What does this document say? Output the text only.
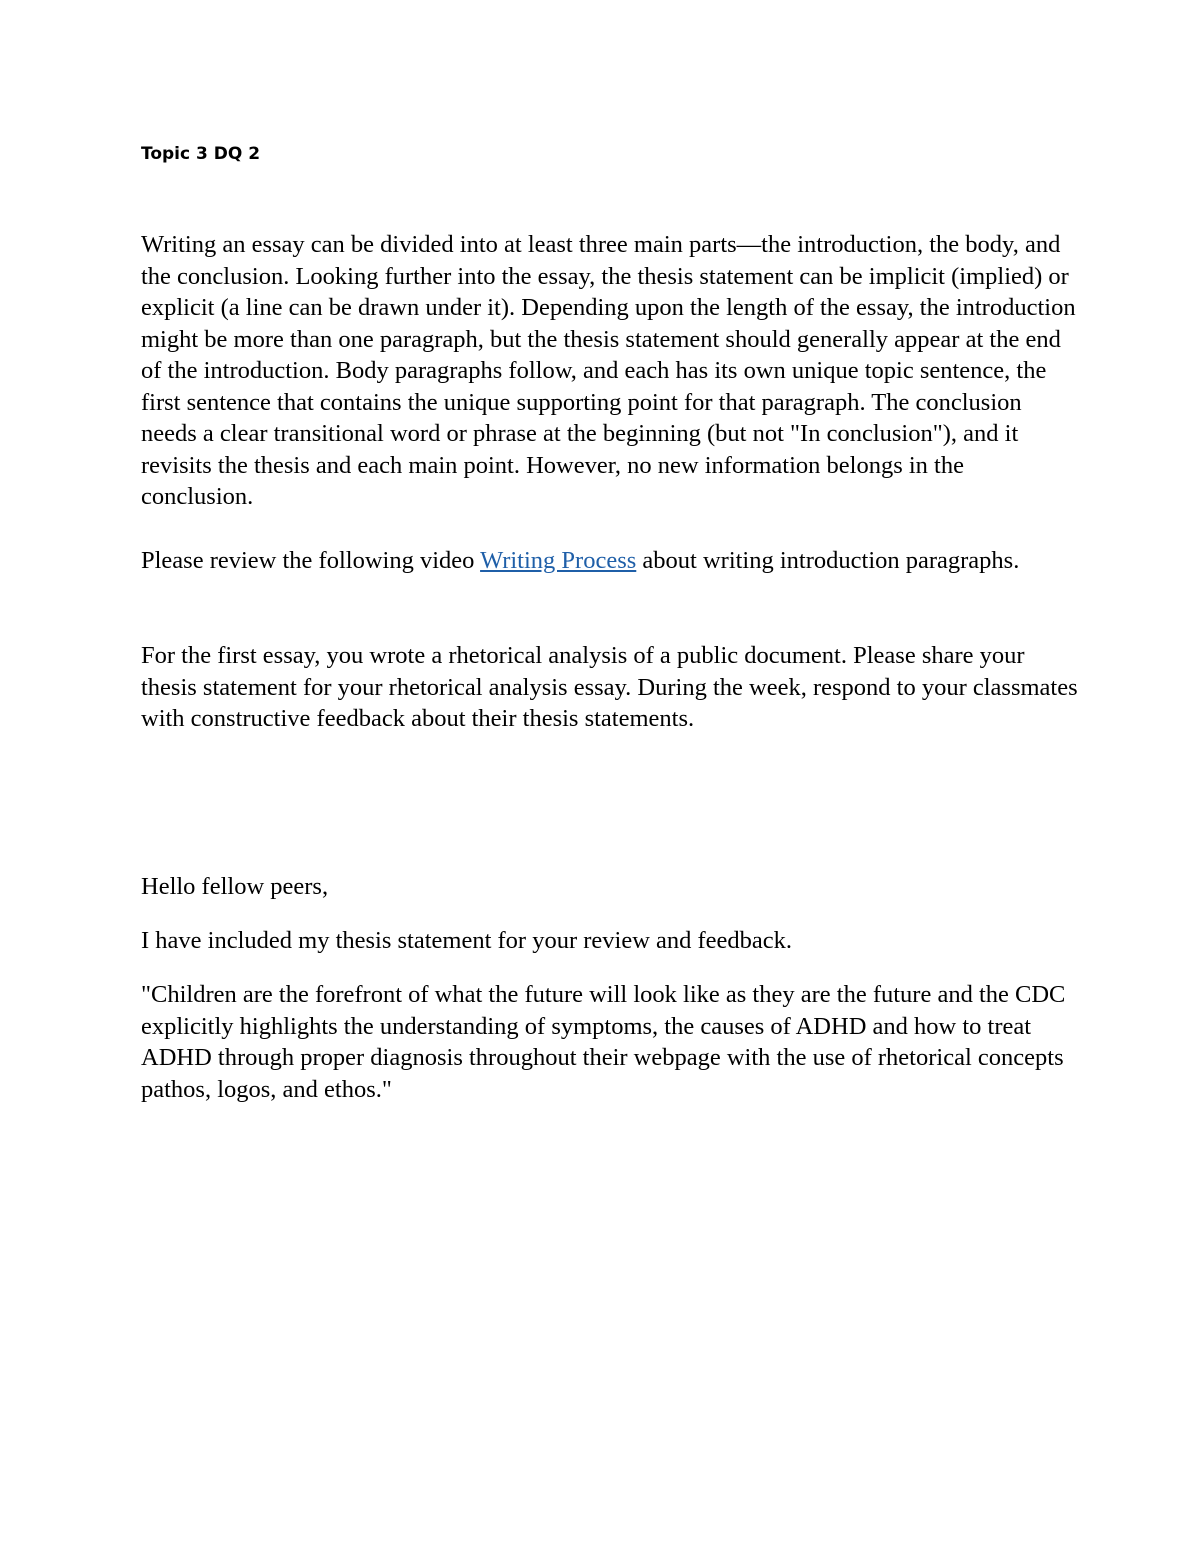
Topic 3 DQ 2

Writing an essay can be divided into at least three main parts—the introduction, the body, and the conclusion. Looking further into the essay, the thesis statement can be implicit (implied) or explicit (a line can be drawn under it). Depending upon the length of the essay, the introduction might be more than one paragraph, but the thesis statement should generally appear at the end of the introduction. Body paragraphs follow, and each has its own unique topic sentence, the first sentence that contains the unique supporting point for that paragraph. The conclusion needs a clear transitional word or phrase at the beginning (but not "In conclusion"), and it revisits the thesis and each main point. However, no new information belongs in the conclusion.

Please review the following video Writing Process about writing introduction paragraphs.

For the first essay, you wrote a rhetorical analysis of a public document. Please share your thesis statement for your rhetorical analysis essay. During the week, respond to your classmates with constructive feedback about their thesis statements.

Hello fellow peers,

I have included my thesis statement for your review and feedback.

"Children are the forefront of what the future will look like as they are the future and the CDC explicitly highlights the understanding of symptoms, the causes of ADHD and how to treat ADHD through proper diagnosis throughout their webpage with the use of rhetorical concepts pathos, logos, and ethos."
